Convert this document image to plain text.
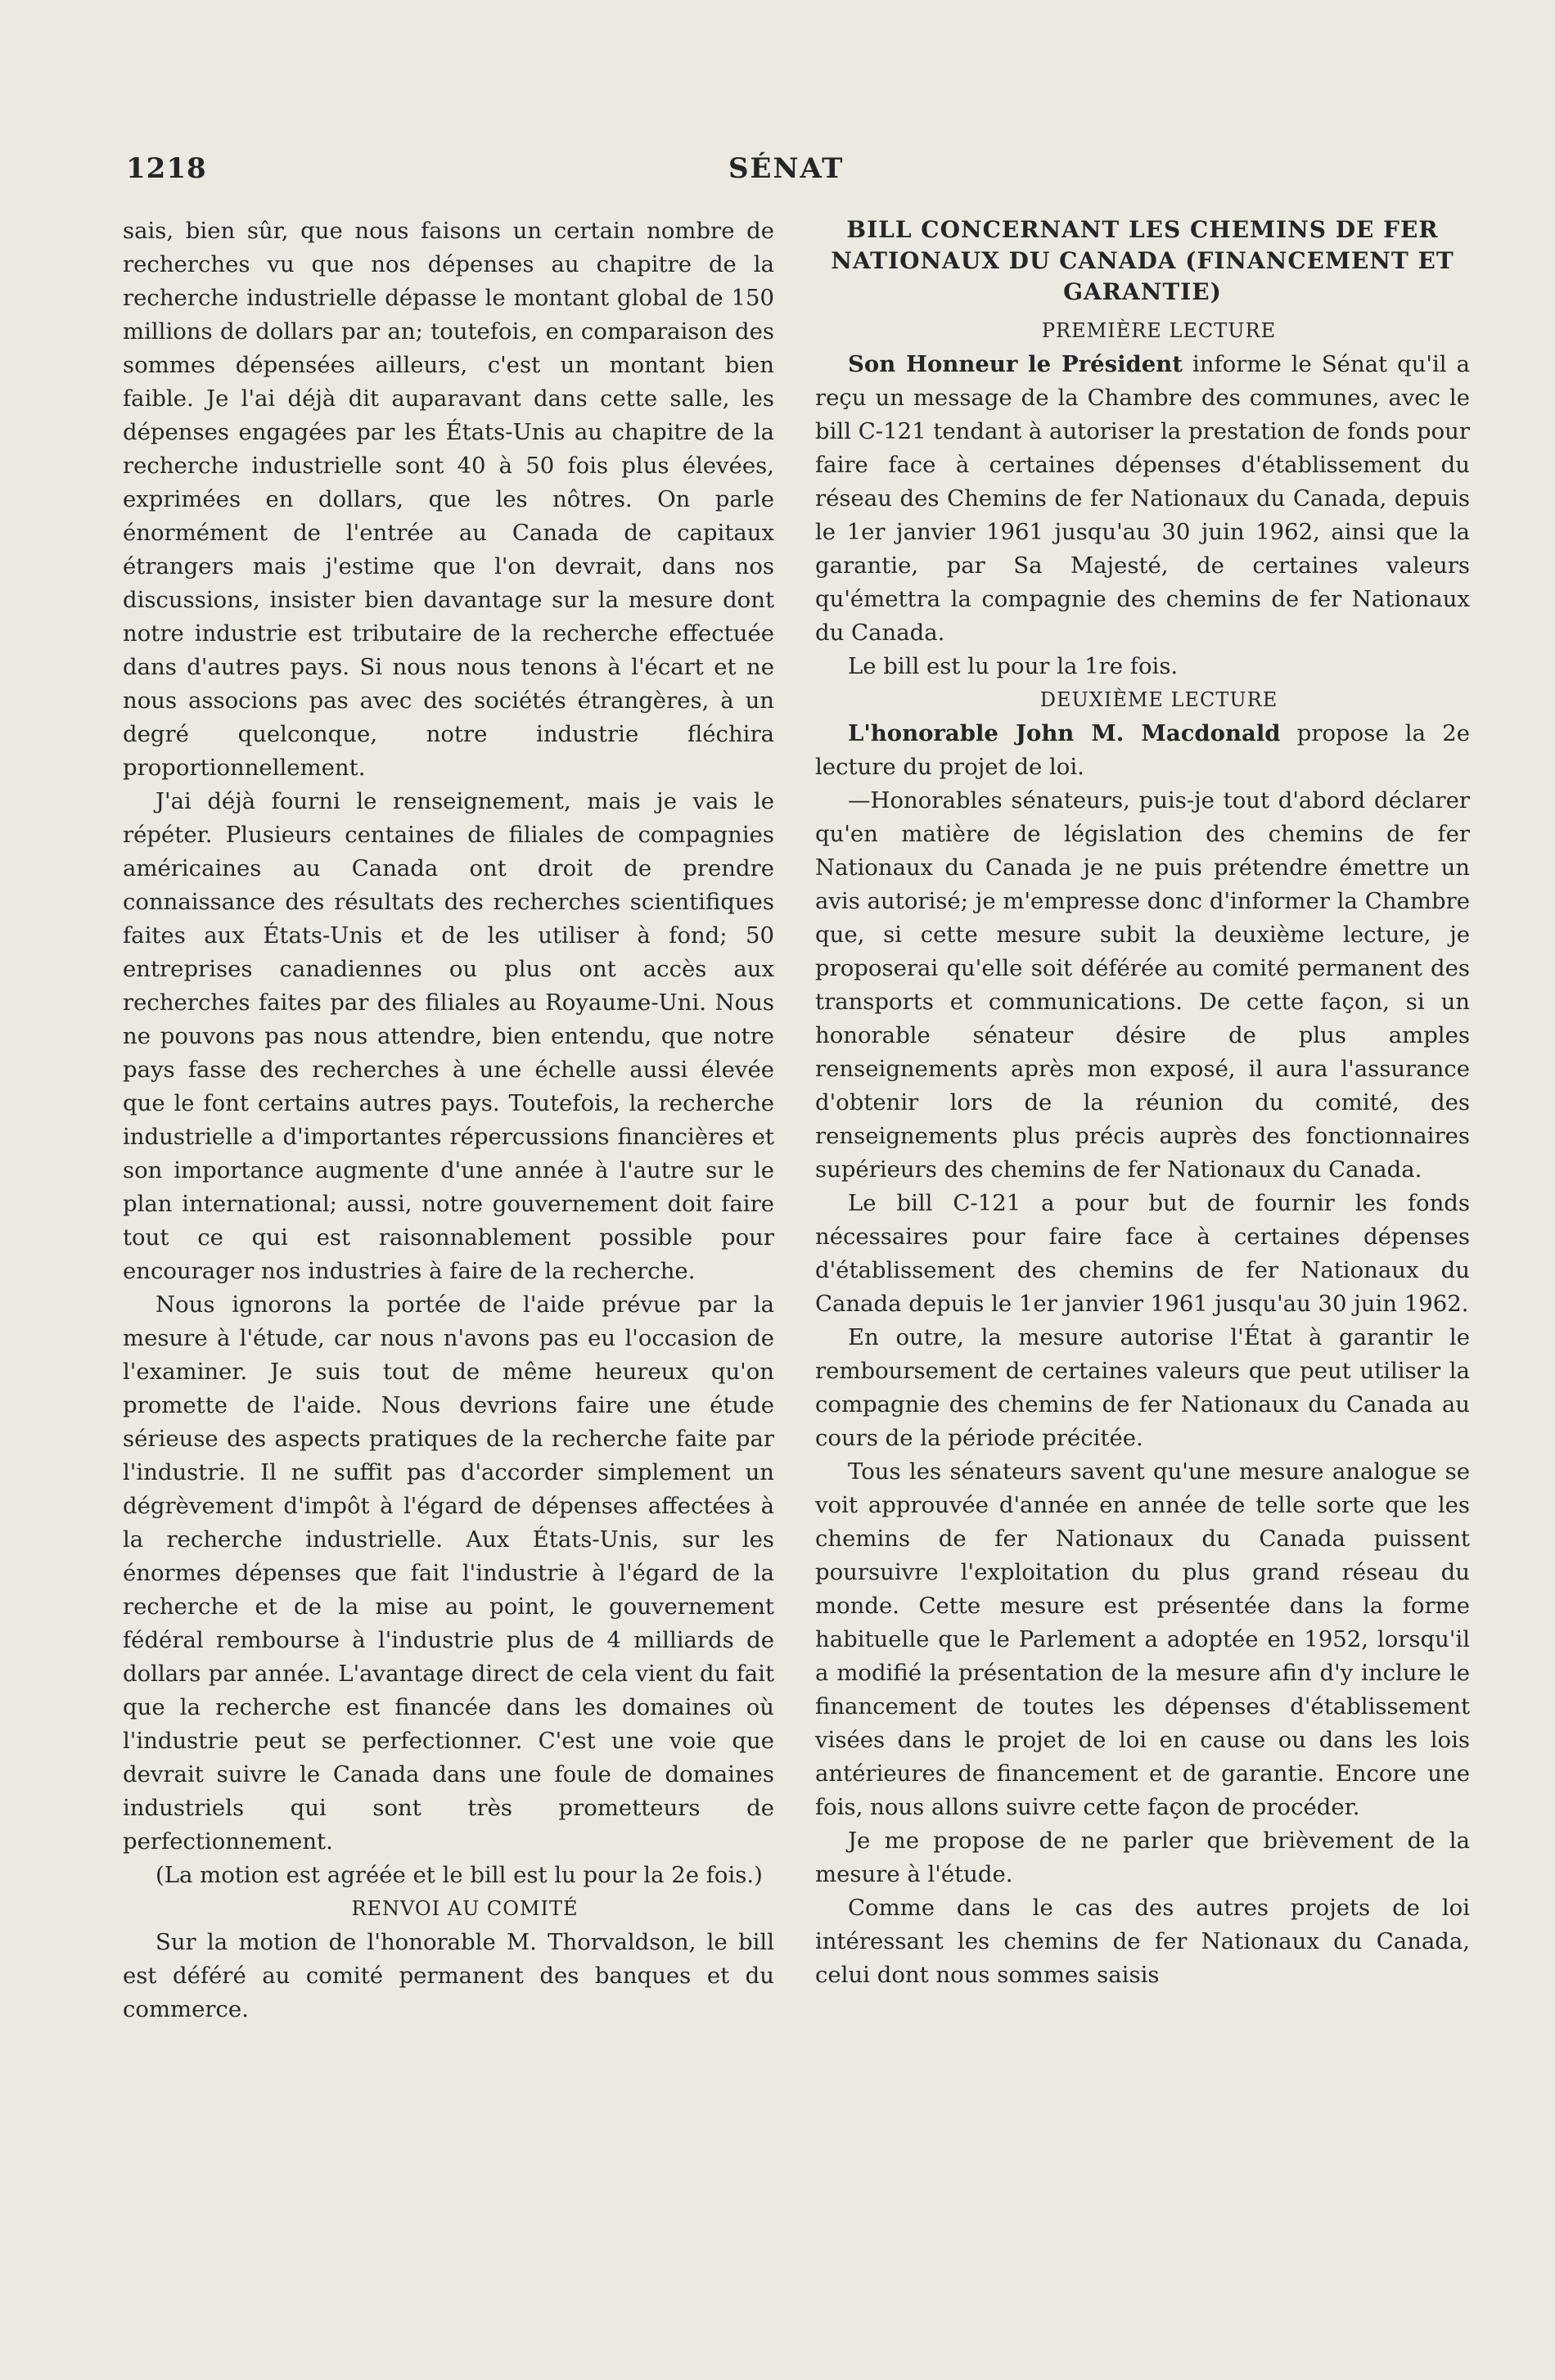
1218	SÉNAT

sais, bien sûr, que nous faisons un certain nombre de recherches vu que nos dépenses au chapitre de la recherche industrielle dépasse le montant global de 150 millions de dollars par an; toutefois, en comparaison des sommes dépensées ailleurs, c'est un montant bien faible. Je l'ai déjà dit auparavant dans cette salle, les dépenses engagées par les États-Unis au chapitre de la recherche industrielle sont 40 à 50 fois plus élevées, exprimées en dollars, que les nôtres. On parle énormément de l'entrée au Canada de capitaux étrangers mais j'estime que l'on devrait, dans nos discussions, insister bien davantage sur la mesure dont notre industrie est tributaire de la recherche effectuée dans d'autres pays. Si nous nous tenons à l'écart et ne nous associons pas avec des sociétés étrangères, à un degré quelconque, notre industrie fléchira proportionnellement.

J'ai déjà fourni le renseignement, mais je vais le répéter. Plusieurs centaines de filiales de compagnies américaines au Canada ont droit de prendre connaissance des résultats des recherches scientifiques faites aux États-Unis et de les utiliser à fond; 50 entreprises canadiennes ou plus ont accès aux recherches faites par des filiales au Royaume-Uni. Nous ne pouvons pas nous attendre, bien entendu, que notre pays fasse des recherches à une échelle aussi élevée que le font certains autres pays. Toutefois, la recherche industrielle a d'importantes répercussions financières et son importance augmente d'une année à l'autre sur le plan international; aussi, notre gouvernement doit faire tout ce qui est raisonnablement possible pour encourager nos industries à faire de la recherche.

Nous ignorons la portée de l'aide prévue par la mesure à l'étude, car nous n'avons pas eu l'occasion de l'examiner. Je suis tout de même heureux qu'on promette de l'aide. Nous devrions faire une étude sérieuse des aspects pratiques de la recherche faite par l'industrie. Il ne suffit pas d'accorder simplement un dégrèvement d'impôt à l'égard de dépenses affectées à la recherche industrielle. Aux États-Unis, sur les énormes dépenses que fait l'industrie à l'égard de la recherche et de la mise au point, le gouvernement fédéral rembourse à l'industrie plus de 4 milliards de dollars par année. L'avantage direct de cela vient du fait que la recherche est financée dans les domaines où l'industrie peut se perfectionner. C'est une voie que devrait suivre le Canada dans une foule de domaines industriels qui sont très prometteurs de perfectionnement.

(La motion est agréée et le bill est lu pour la 2e fois.)

RENVOI AU COMITÉ

Sur la motion de l'honorable M. Thorvaldson, le bill est déféré au comité permanent des banques et du commerce.

BILL CONCERNANT LES CHEMINS DE FER NATIONAUX DU CANADA (FINANCEMENT ET GARANTIE)

PREMIÈRE LECTURE

Son Honneur le Président informe le Sénat qu'il a reçu un message de la Chambre des communes, avec le bill C-121 tendant à autoriser la prestation de fonds pour faire face à certaines dépenses d'établissement du réseau des Chemins de fer Nationaux du Canada, depuis le 1er janvier 1961 jusqu'au 30 juin 1962, ainsi que la garantie, par Sa Majesté, de certaines valeurs qu'émettra la compagnie des chemins de fer Nationaux du Canada.

Le bill est lu pour la 1re fois.

DEUXIÈME LECTURE

L'honorable John M. Macdonald propose la 2e lecture du projet de loi.

—Honorables sénateurs, puis-je tout d'abord déclarer qu'en matière de législation des chemins de fer Nationaux du Canada je ne puis prétendre émettre un avis autorisé; je m'empresse donc d'informer la Chambre que, si cette mesure subit la deuxième lecture, je proposerai qu'elle soit déférée au comité permanent des transports et communications. De cette façon, si un honorable sénateur désire de plus amples renseignements après mon exposé, il aura l'assurance d'obtenir lors de la réunion du comité, des renseignements plus précis auprès des fonctionnaires supérieurs des chemins de fer Nationaux du Canada.

Le bill C-121 a pour but de fournir les fonds nécessaires pour faire face à certaines dépenses d'établissement des chemins de fer Nationaux du Canada depuis le 1er janvier 1961 jusqu'au 30 juin 1962.

En outre, la mesure autorise l'État à garantir le remboursement de certaines valeurs que peut utiliser la compagnie des chemins de fer Nationaux du Canada au cours de la période précitée.

Tous les sénateurs savent qu'une mesure analogue se voit approuvée d'année en année de telle sorte que les chemins de fer Nationaux du Canada puissent poursuivre l'exploitation du plus grand réseau du monde. Cette mesure est présentée dans la forme habituelle que le Parlement a adoptée en 1952, lorsqu'il a modifié la présentation de la mesure afin d'y inclure le financement de toutes les dépenses d'établissement visées dans le projet de loi en cause ou dans les lois antérieures de financement et de garantie. Encore une fois, nous allons suivre cette façon de procéder.

Je me propose de ne parler que brièvement de la mesure à l'étude.

Comme dans le cas des autres projets de loi intéressant les chemins de fer Nationaux du Canada, celui dont nous sommes saisis
